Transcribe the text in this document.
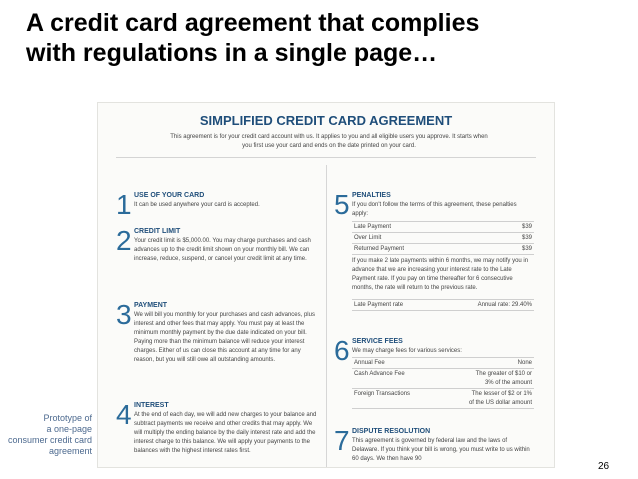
A credit card agreement that complies
with regulations in a single page…
SIMPLIFIED CREDIT CARD AGREEMENT
This agreement is for your credit card account with us. It applies to you and all eligible users you approve. It starts when you first use your card and ends on the date printed on your card.
1 USE OF YOUR CARD
It can be used anywhere your card is accepted.
2 CREDIT LIMIT
Your credit limit is $5,000.00. You may charge purchases and cash advances up to the credit limit shown on your monthly bill. We can increase, reduce, suspend, or cancel your credit limit at any time.
3 PAYMENT
We will bill you monthly for your purchases and cash advances, plus interest and other fees that may apply. You must pay at least the minimum monthly payment by the due date indicated on your bill. Paying more than the minimum balance will reduce your interest charges. Either of us can close this account at any time for any reason, but you will still owe all outstanding amounts.
4 INTEREST
At the end of each day, we will add new charges to your balance and subtract payments we receive and other credits that may apply. We will multiply the ending balance by the daily interest rate and add the interest charge to this balance. We will apply your payments to the balances with the highest interest rates first.
5 PENALTIES
If you don't follow the terms of this agreement, these penalties apply:
Late Payment	$39
Over Limit	$39
Returned Payment	$39
If you make 2 late payments within 6 months, we may notify you in advance that we are increasing your interest rate to the Late Payment rate. If you pay on time thereafter for 6 consecutive months, the rate will return to the previous rate.
Late Payment rate	Annual rate: 29.40%
6 SERVICE FEES
We may charge fees for various services:
Annual Fee	None
Cash Advance Fee	The greater of $10 or
3% of the amount
Foreign Transactions	The lesser of $2 or 1%
of the US dollar amount
7 DISPUTE RESOLUTION
This agreement is governed by federal law and the laws of Delaware. If you think your bill is wrong, you must write to us within 60 days. We then have 90
Prototype of
a one-page
consumer credit card
agreement
26
